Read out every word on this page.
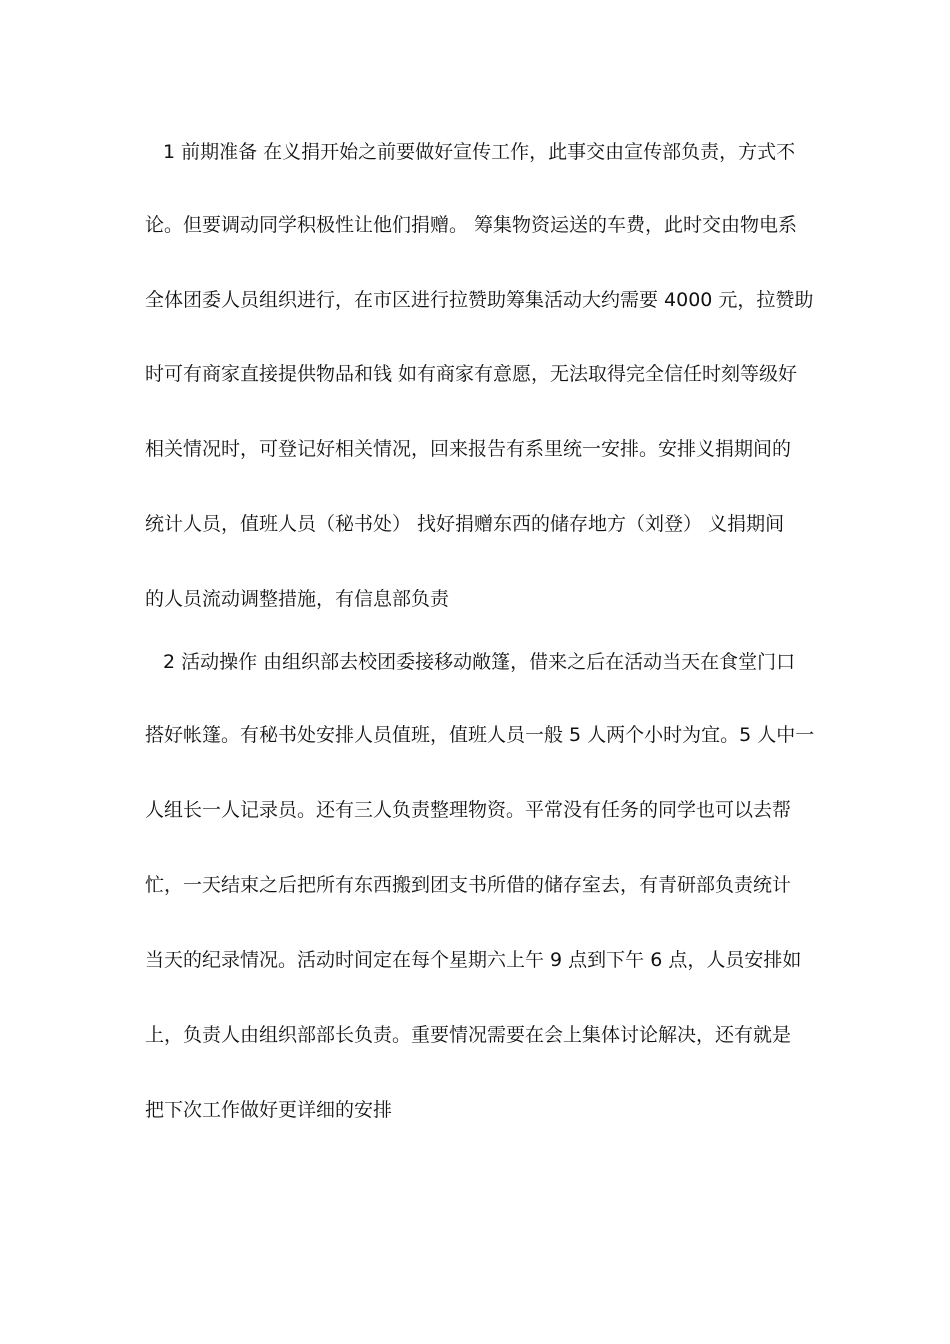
1 前期准备 在义捐开始之前要做好宣传工作，此事交由宣传部负责，方式不
论。但要调动同学积极性让他们捐赠。 筹集物资运送的车费，此时交由物电系
全体团委人员组织进行，在市区进行拉赞助筹集活动大约需要 4000 元，拉赞助
时可有商家直接提供物品和钱 如有商家有意愿，无法取得完全信任时刻等级好
相关情况时，可登记好相关情况，回来报告有系里统一安排。安排义捐期间的
统计人员，值班人员（秘书处） 找好捐赠东西的储存地方（刘登） 义捐期间
的人员流动调整措施，有信息部负责
2 活动操作 由组织部去校团委接移动敞篷，借来之后在活动当天在食堂门口
搭好帐篷。有秘书处安排人员值班，值班人员一般 5 人两个小时为宜。5 人中一
人组长一人记录员。还有三人负责整理物资。平常没有任务的同学也可以去帮
忙，一天结束之后把所有东西搬到团支书所借的储存室去，有青研部负责统计
当天的纪录情况。活动时间定在每个星期六上午 9 点到下午 6 点，人员安排如
上，负责人由组织部部长负责。重要情况需要在会上集体讨论解决，还有就是
把下次工作做好更详细的安排
